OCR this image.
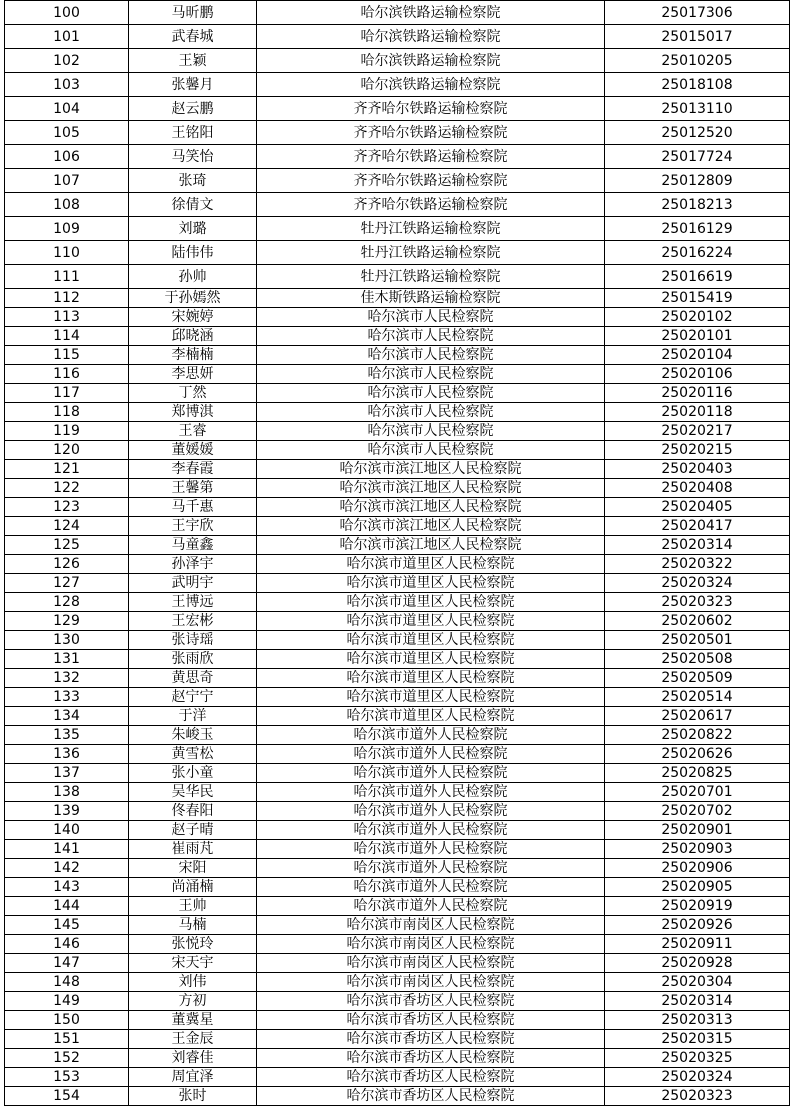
100	马昕鹏	哈尔滨铁路运输检察院	25017306
101	武春城	哈尔滨铁路运输检察院	25015017
102	王颖	哈尔滨铁路运输检察院	25010205
103	张馨月	哈尔滨铁路运输检察院	25018108
104	赵云鹏	齐齐哈尔铁路运输检察院	25013110
105	王铭阳	齐齐哈尔铁路运输检察院	25012520
106	马笑怡	齐齐哈尔铁路运输检察院	25017724
107	张琦	齐齐哈尔铁路运输检察院	25012809
108	徐倩文	齐齐哈尔铁路运输检察院	25018213
109	刘璐	牡丹江铁路运输检察院	25016129
110	陆伟伟	牡丹江铁路运输检察院	25016224
111	孙帅	牡丹江铁路运输检察院	25016619
112	于孙嫣然	佳木斯铁路运输检察院	25015419
113	宋婉婷	哈尔滨市人民检察院	25020102
114	邱晓涵	哈尔滨市人民检察院	25020101
115	李楠楠	哈尔滨市人民检察院	25020104
116	李思妍	哈尔滨市人民检察院	25020106
117	丁然	哈尔滨市人民检察院	25020116
118	郑博淇	哈尔滨市人民检察院	25020118
119	王睿	哈尔滨市人民检察院	25020217
120	董媛媛	哈尔滨市人民检察院	25020215
121	李春霞	哈尔滨市滨江地区人民检察院	25020403
122	王馨第	哈尔滨市滨江地区人民检察院	25020408
123	马千惠	哈尔滨市滨江地区人民检察院	25020405
124	王宇欣	哈尔滨市滨江地区人民检察院	25020417
125	马童鑫	哈尔滨市滨江地区人民检察院	25020314
126	孙泽宇	哈尔滨市道里区人民检察院	25020322
127	武明宇	哈尔滨市道里区人民检察院	25020324
128	王博远	哈尔滨市道里区人民检察院	25020323
129	王宏彬	哈尔滨市道里区人民检察院	25020602
130	张诗瑶	哈尔滨市道里区人民检察院	25020501
131	张雨欣	哈尔滨市道里区人民检察院	25020508
132	黄思奇	哈尔滨市道里区人民检察院	25020509
133	赵宁宁	哈尔滨市道里区人民检察院	25020514
134	于洋	哈尔滨市道里区人民检察院	25020617
135	朱峻玉	哈尔滨市道外人民检察院	25020822
136	黄雪松	哈尔滨市道外人民检察院	25020626
137	张小童	哈尔滨市道外人民检察院	25020825
138	吴华民	哈尔滨市道外人民检察院	25020701
139	佟春阳	哈尔滨市道外人民检察院	25020702
140	赵子晴	哈尔滨市道外人民检察院	25020901
141	崔雨芃	哈尔滨市道外人民检察院	25020903
142	宋阳	哈尔滨市道外人民检察院	25020906
143	尚涌楠	哈尔滨市道外人民检察院	25020905
144	王帅	哈尔滨市道外人民检察院	25020919
145	马楠	哈尔滨市南岗区人民检察院	25020926
146	张悦玲	哈尔滨市南岗区人民检察院	25020911
147	宋天宇	哈尔滨市南岗区人民检察院	25020928
148	刘伟	哈尔滨市南岗区人民检察院	25020304
149	方初	哈尔滨市香坊区人民检察院	25020314
150	董冀星	哈尔滨市香坊区人民检察院	25020313
151	王金辰	哈尔滨市香坊区人民检察院	25020315
152	刘睿佳	哈尔滨市香坊区人民检察院	25020325
153	周宜泽	哈尔滨市香坊区人民检察院	25020324
154	张时	哈尔滨市香坊区人民检察院	25020323
